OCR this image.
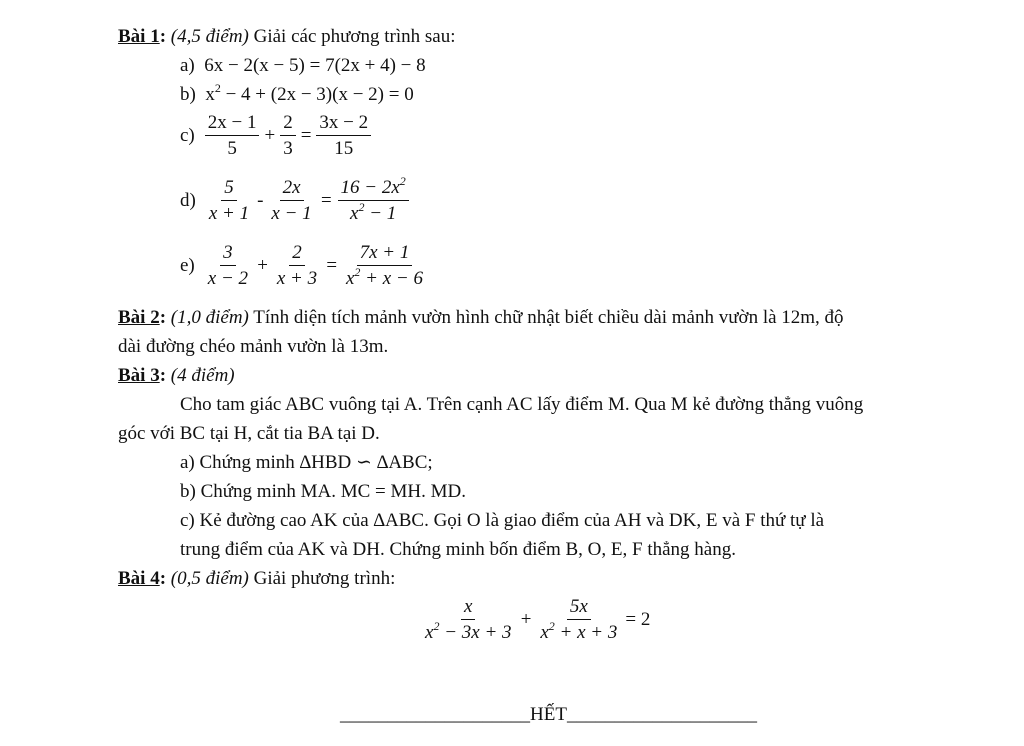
Bài 1: (4,5 điểm) Giải các phương trình sau:
a) 6x − 2(x − 5) = 7(2x + 4) − 8
b) $x^2 - 4 + (2x - 3)(x - 2) = 0$
$c) \frac{2x - 1}{5} + \frac{2}{3} = \frac{3x - 2}{15}$
$d) \frac{5}{x + 1} - \frac{2x}{x - 1} = \frac{16 - 2x^2}{x^2 - 1}$
$e) \frac{3}{x - 2} + \frac{2}{x + 3} = \frac{7x + 1}{x^2 + x - 6}$
Bài 2: (1,0 điểm) Tính diện tích mảnh vườn hình chữ nhật biết chiều dài mảnh vườn là 12m, độ
dài đường chéo mảnh vườn là 13m.
Bài 3: (4 điểm)
Cho tam giác ABC vuông tại A. Trên cạnh AC lấy điểm M. Qua M kẻ đường thẳng vuông
góc với BC tại H, cắt tia BA tại D.
a) Chứng minh ∆HBD ∽ ∆ABC;
b) Chứng minh MA. MC = MH. MD.
c) Kẻ đường cao AK của ∆ABC. Gọi O là giao điểm của AH và DK, E và F thứ tự là
trung điểm của AK và DH. Chứng minh bốn điểm B, O, E, F thẳng hàng.
Bài 4: (0,5 điểm) Giải phương trình:
$\frac{x}{x^2 - 3x + 3} + \frac{5x}{x^2 + x + 3} = 2$
____________________HẾT____________________
